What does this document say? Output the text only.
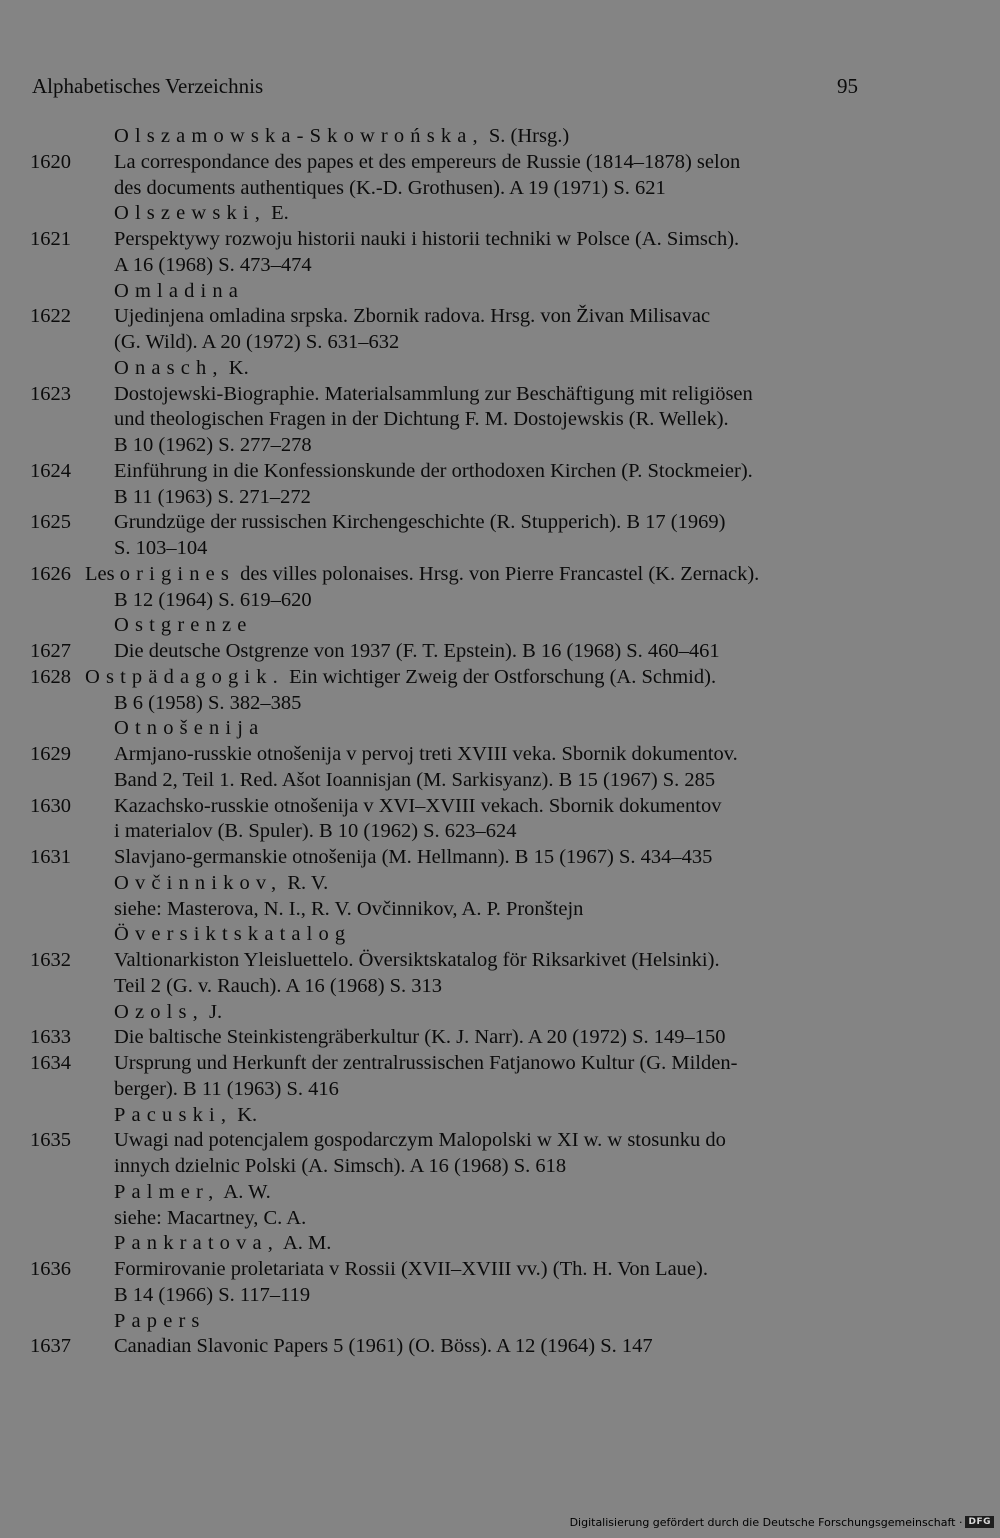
Alphabetisches Verzeichnis	95
Olszamowska-Skowrońska, S. (Hrsg.)
1620	La correspondance des papes et des empereurs de Russie (1814–1878) selon
des documents authentiques (K.-D. Grothusen). A 19 (1971) S. 621
Olszewski, E.
1621	Perspektywy rozwoju historii nauki i historii techniki w Polsce (A. Simsch).
A 16 (1968) S. 473–474
Omladina
1622	Ujedinjena omladina srpska. Zbornik radova. Hrsg. von Živan Milisavac
(G. Wild). A 20 (1972) S. 631–632
Onasch, K.
1623	Dostojewski-Biographie. Materialsammlung zur Beschäftigung mit religiösen
und theologischen Fragen in der Dichtung F. M. Dostojewskis (R. Wellek).
B 10 (1962) S. 277–278
1624	Einführung in die Konfessionskunde der orthodoxen Kirchen (P. Stockmeier).
B 11 (1963) S. 271–272
1625	Grundzüge der russischen Kirchengeschichte (R. Stupperich). B 17 (1969)
S. 103–104
1626 Les origines des villes polonaises. Hrsg. von Pierre Francastel (K. Zernack).
B 12 (1964) S. 619–620
Ostgrenze
1627	Die deutsche Ostgrenze von 1937 (F. T. Epstein). B 16 (1968) S. 460–461
1628 Ostpädagogik. Ein wichtiger Zweig der Ostforschung (A. Schmid).
B 6 (1958) S. 382–385
Otnošenija
1629	Armjano-russkie otnošenija v pervoj treti XVIII veka. Sbornik dokumentov.
Band 2, Teil 1. Red. Ašot Ioannisjan (M. Sarkisyanz). B 15 (1967) S. 285
1630	Kazachsko-russkie otnošenija v XVI–XVIII vekach. Sbornik dokumentov
i materialov (B. Spuler). B 10 (1962) S. 623–624
1631	Slavjano-germanskie otnošenija (M. Hellmann). B 15 (1967) S. 434–435
Ovčinnikov, R. V.
siehe: Masterova, N. I., R. V. Ovčinnikov, A. P. Pronštejn
Översiktskatalog
1632	Valtionarkiston Yleisluettelo. Översiktskatalog för Riksarkivet (Helsinki).
Teil 2 (G. v. Rauch). A 16 (1968) S. 313
Ozols, J.
1633	Die baltische Steinkistengräberkultur (K. J. Narr). A 20 (1972) S. 149–150
1634	Ursprung und Herkunft der zentralrussischen Fatjanowo Kultur (G. Milden-
berger). B 11 (1963) S. 416
Pacuski, K.
1635	Uwagi nad potencjalem gospodarczym Malopolski w XI w. w stosunku do
innych dzielnic Polski (A. Simsch). A 16 (1968) S. 618
Palmer, A. W.
siehe: Macartney, C. A.
Pankratova, A. M.
1636	Formirovanie proletariata v Rossii (XVII–XVIII vv.) (Th. H. Von Laue).
B 14 (1966) S. 117–119
Papers
1637	Canadian Slavonic Papers 5 (1961) (O. Böss). A 12 (1964) S. 147
Digitalisierung gefördert durch die Deutsche Forschungsgemeinschaft · DFG
